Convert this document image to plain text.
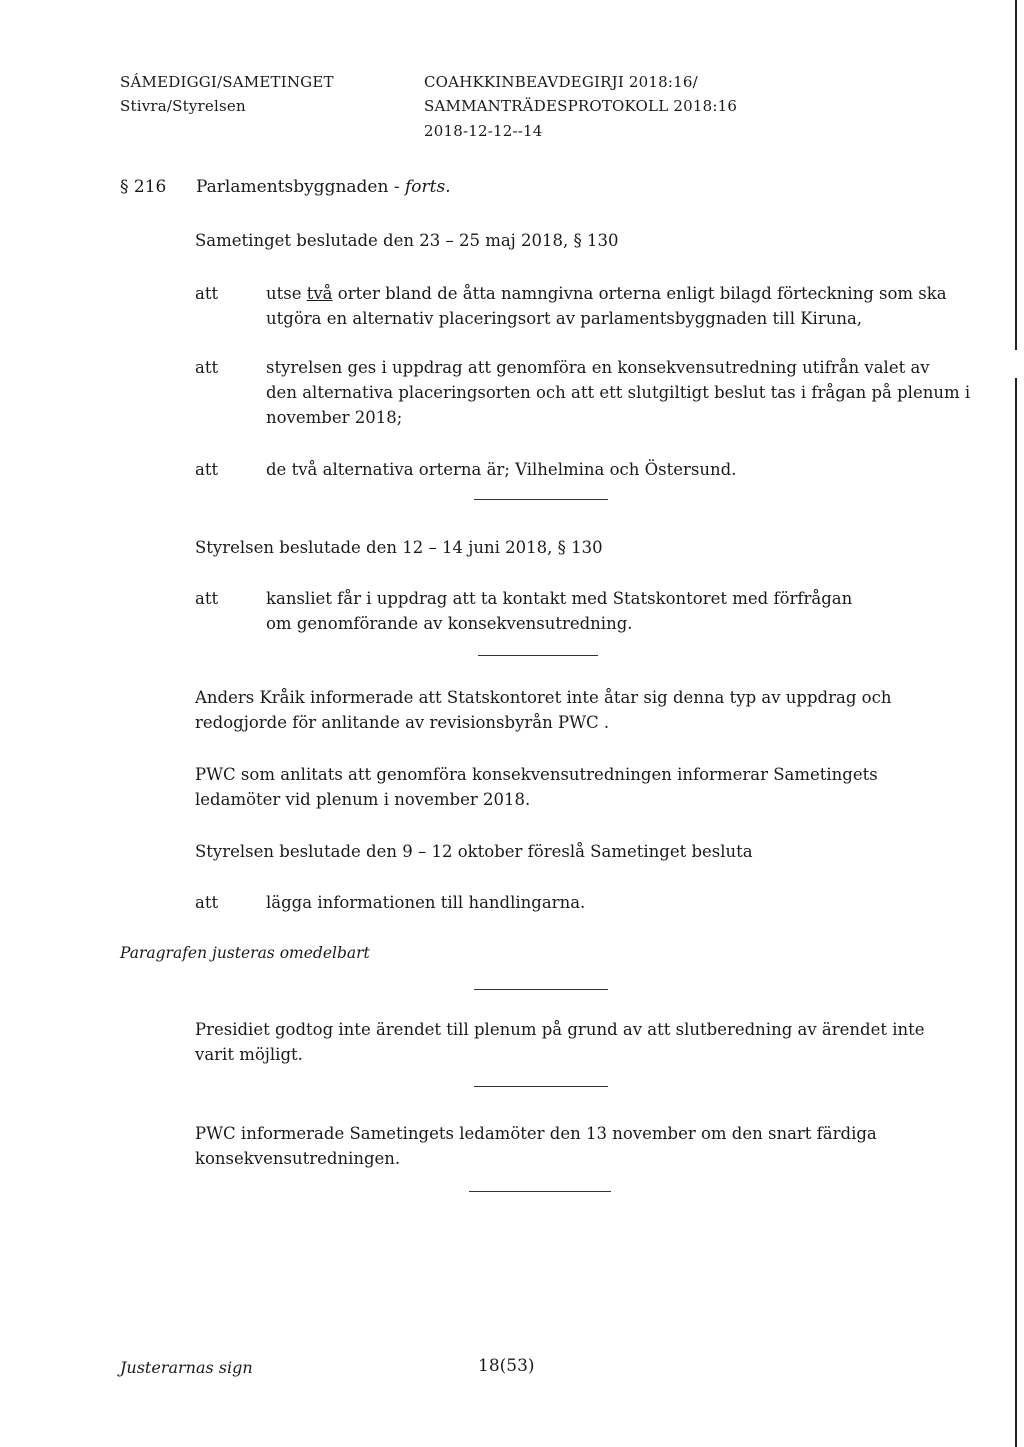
SÁMEDIGGI/SAMETINGET
Stivra/Styrelsen
COAHKKINBEAVDEGIRJI 2018:16/
SAMMANTRÄDESPROTOKOLL 2018:16
2018-12-12--14
§ 216 Parlamentsbyggnaden - forts.
Sametinget beslutade den 23 – 25 maj 2018, § 130
att	utse två orter bland de åtta namngivna orterna enligt bilagd förteckning som ska
utgöra en alternativ placeringsort av parlamentsbyggnaden till Kiruna,
att	styrelsen ges i uppdrag att genomföra en konsekvensutredning utifrån valet av
den alternativa placeringsorten och att ett slutgiltigt beslut tas i frågan på plenum i
november 2018;
att	de två alternativa orterna är; Vilhelmina och Östersund.
Styrelsen beslutade den 12 – 14 juni 2018, § 130
att	kansliet får i uppdrag att ta kontakt med Statskontoret med förfrågan
om genomförande av konsekvensutredning.
Anders Kråik informerade att Statskontoret inte åtar sig denna typ av uppdrag och
redogjorde för anlitande av revisionsbyrån PWC .
PWC som anlitats att genomföra konsekvensutredningen informerar Sametingets
ledamöter vid plenum i november 2018.
Styrelsen beslutade den 9 – 12 oktober föreslå Sametinget besluta
att	lägga informationen till handlingarna.
Paragrafen justeras omedelbart
Presidiet godtog inte ärendet till plenum på grund av att slutberedning av ärendet inte
varit möjligt.
PWC informerade Sametingets ledamöter den 13 november om den snart färdiga
konsekvensutredningen.
Justerarnas sign	18(53)
